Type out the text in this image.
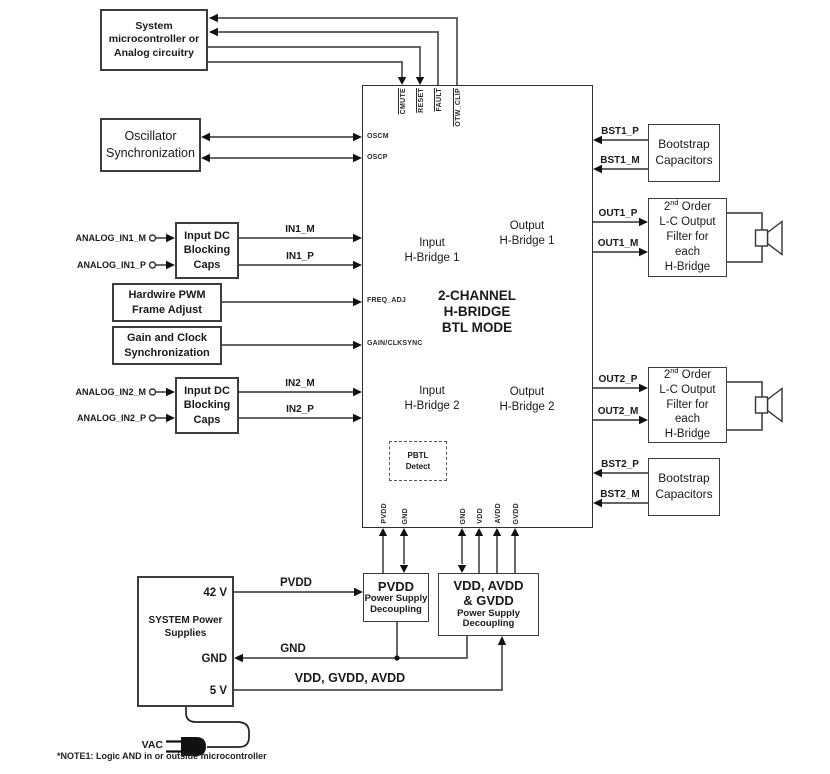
System
microcontroller or
Analog circuitry
Oscillator
Synchronization
Input DC
Blocking
Caps
Hardwire PWM
Frame Adjust
Gain and Clock
Synchronization
Input DC
Blocking
Caps
2-CHANNEL
H-BRIDGE
BTL MODE
Input
H-Bridge 1
Output
H-Bridge 1
Input
H-Bridge 2
Output
H-Bridge 2
PBTL
Detect
OSCM
OSCP
FREQ_ADJ
GAIN/CLKSYNC
CMUTE RESET FAULT OTW_CLIP
PVDD GND	GND VDD AVDD GVDD
ANALOG_IN1_M
ANALOG_IN1_P
ANALOG_IN2_M
ANALOG_IN2_P
IN1_M
IN1_P
IN2_M
IN2_P
BST1_P
BST1_M
OUT1_P
OUT1_M
OUT2_P
OUT2_M
BST2_P
BST2_M
Bootstrap
Capacitors
2nd Order
L-C Output
Filter for
each
H-Bridge
2nd Order
L-C Output
Filter for
each
H-Bridge
Bootstrap
Capacitors
PVDD
Power Supply
Decoupling
VDD, AVDD
& GVDD
Power Supply
Decoupling
SYSTEM Power
Supplies
42 V
GND
5 V
PVDD
GND
VDD, GVDD, AVDD
VAC
*NOTE1: Logic AND in or outside microcontroller
